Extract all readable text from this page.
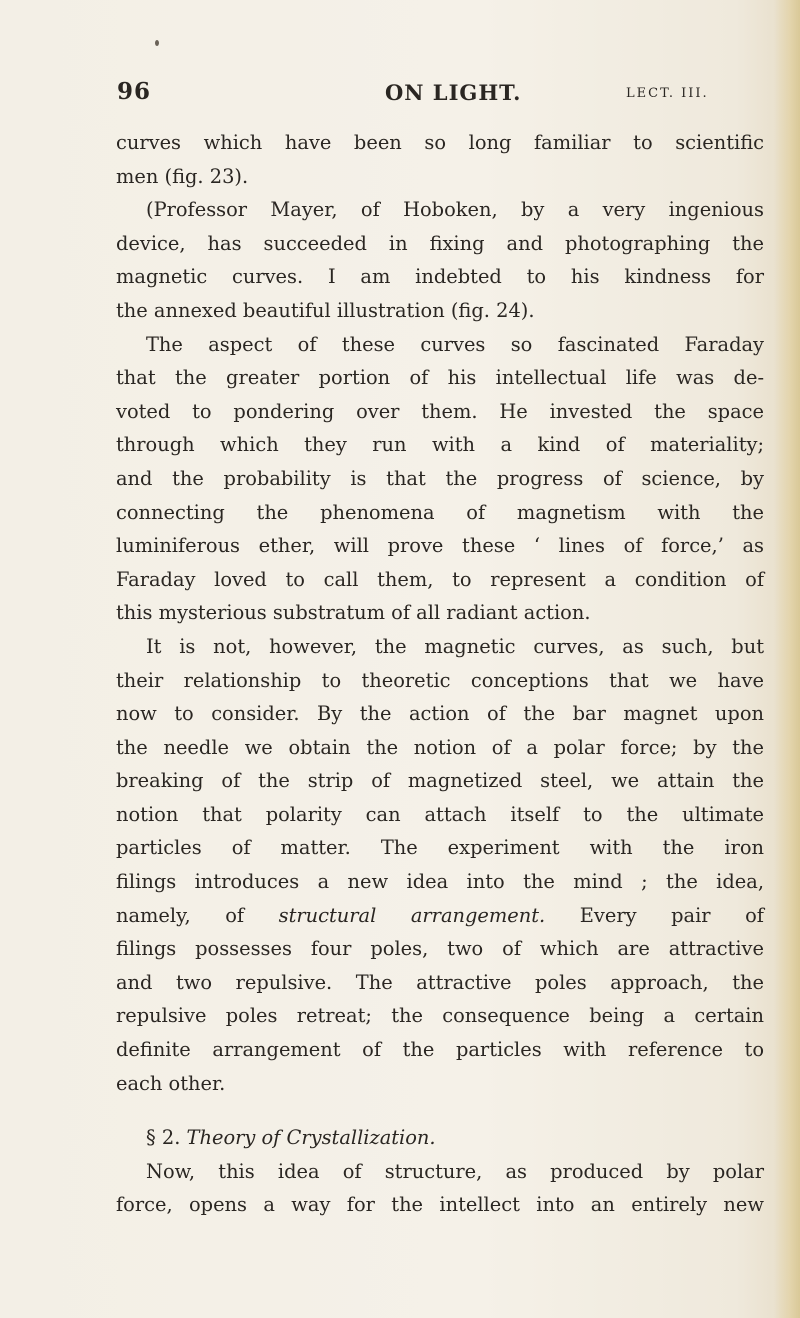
96	ON LIGHT.	LECT. III.
curves which have been so long familiar to scientific
men (fig. 23).
(Professor Mayer, of Hoboken, by a very ingenious
device, has succeeded in fixing and photographing the
magnetic curves. I am indebted to his kindness for
the annexed beautiful illustration (fig. 24).
The aspect of these curves so fascinated Faraday
that the greater portion of his intellectual life was de-
voted to pondering over them. He invested the space
through which they run with a kind of materiality;
and the probability is that the progress of science, by
connecting the phenomena of magnetism with the
luminiferous ether, will prove these ‘ lines of force,’ as
Faraday loved to call them, to represent a condition of
this mysterious substratum of all radiant action.
It is not, however, the magnetic curves, as such, but
their relationship to theoretic conceptions that we have
now to consider. By the action of the bar magnet upon
the needle we obtain the notion of a polar force; by the
breaking of the strip of magnetized steel, we attain the
notion that polarity can attach itself to the ultimate
particles of matter. The experiment with the iron
filings introduces a new idea into the mind ; the idea,
namely, of structural arrangement. Every pair of
filings possesses four poles, two of which are attractive
and two repulsive. The attractive poles approach, the
repulsive poles retreat; the consequence being a certain
definite arrangement of the particles with reference to
each other.
§ 2. Theory of Crystallization.
Now, this idea of structure, as produced by polar
force, opens a way for the intellect into an entirely new
